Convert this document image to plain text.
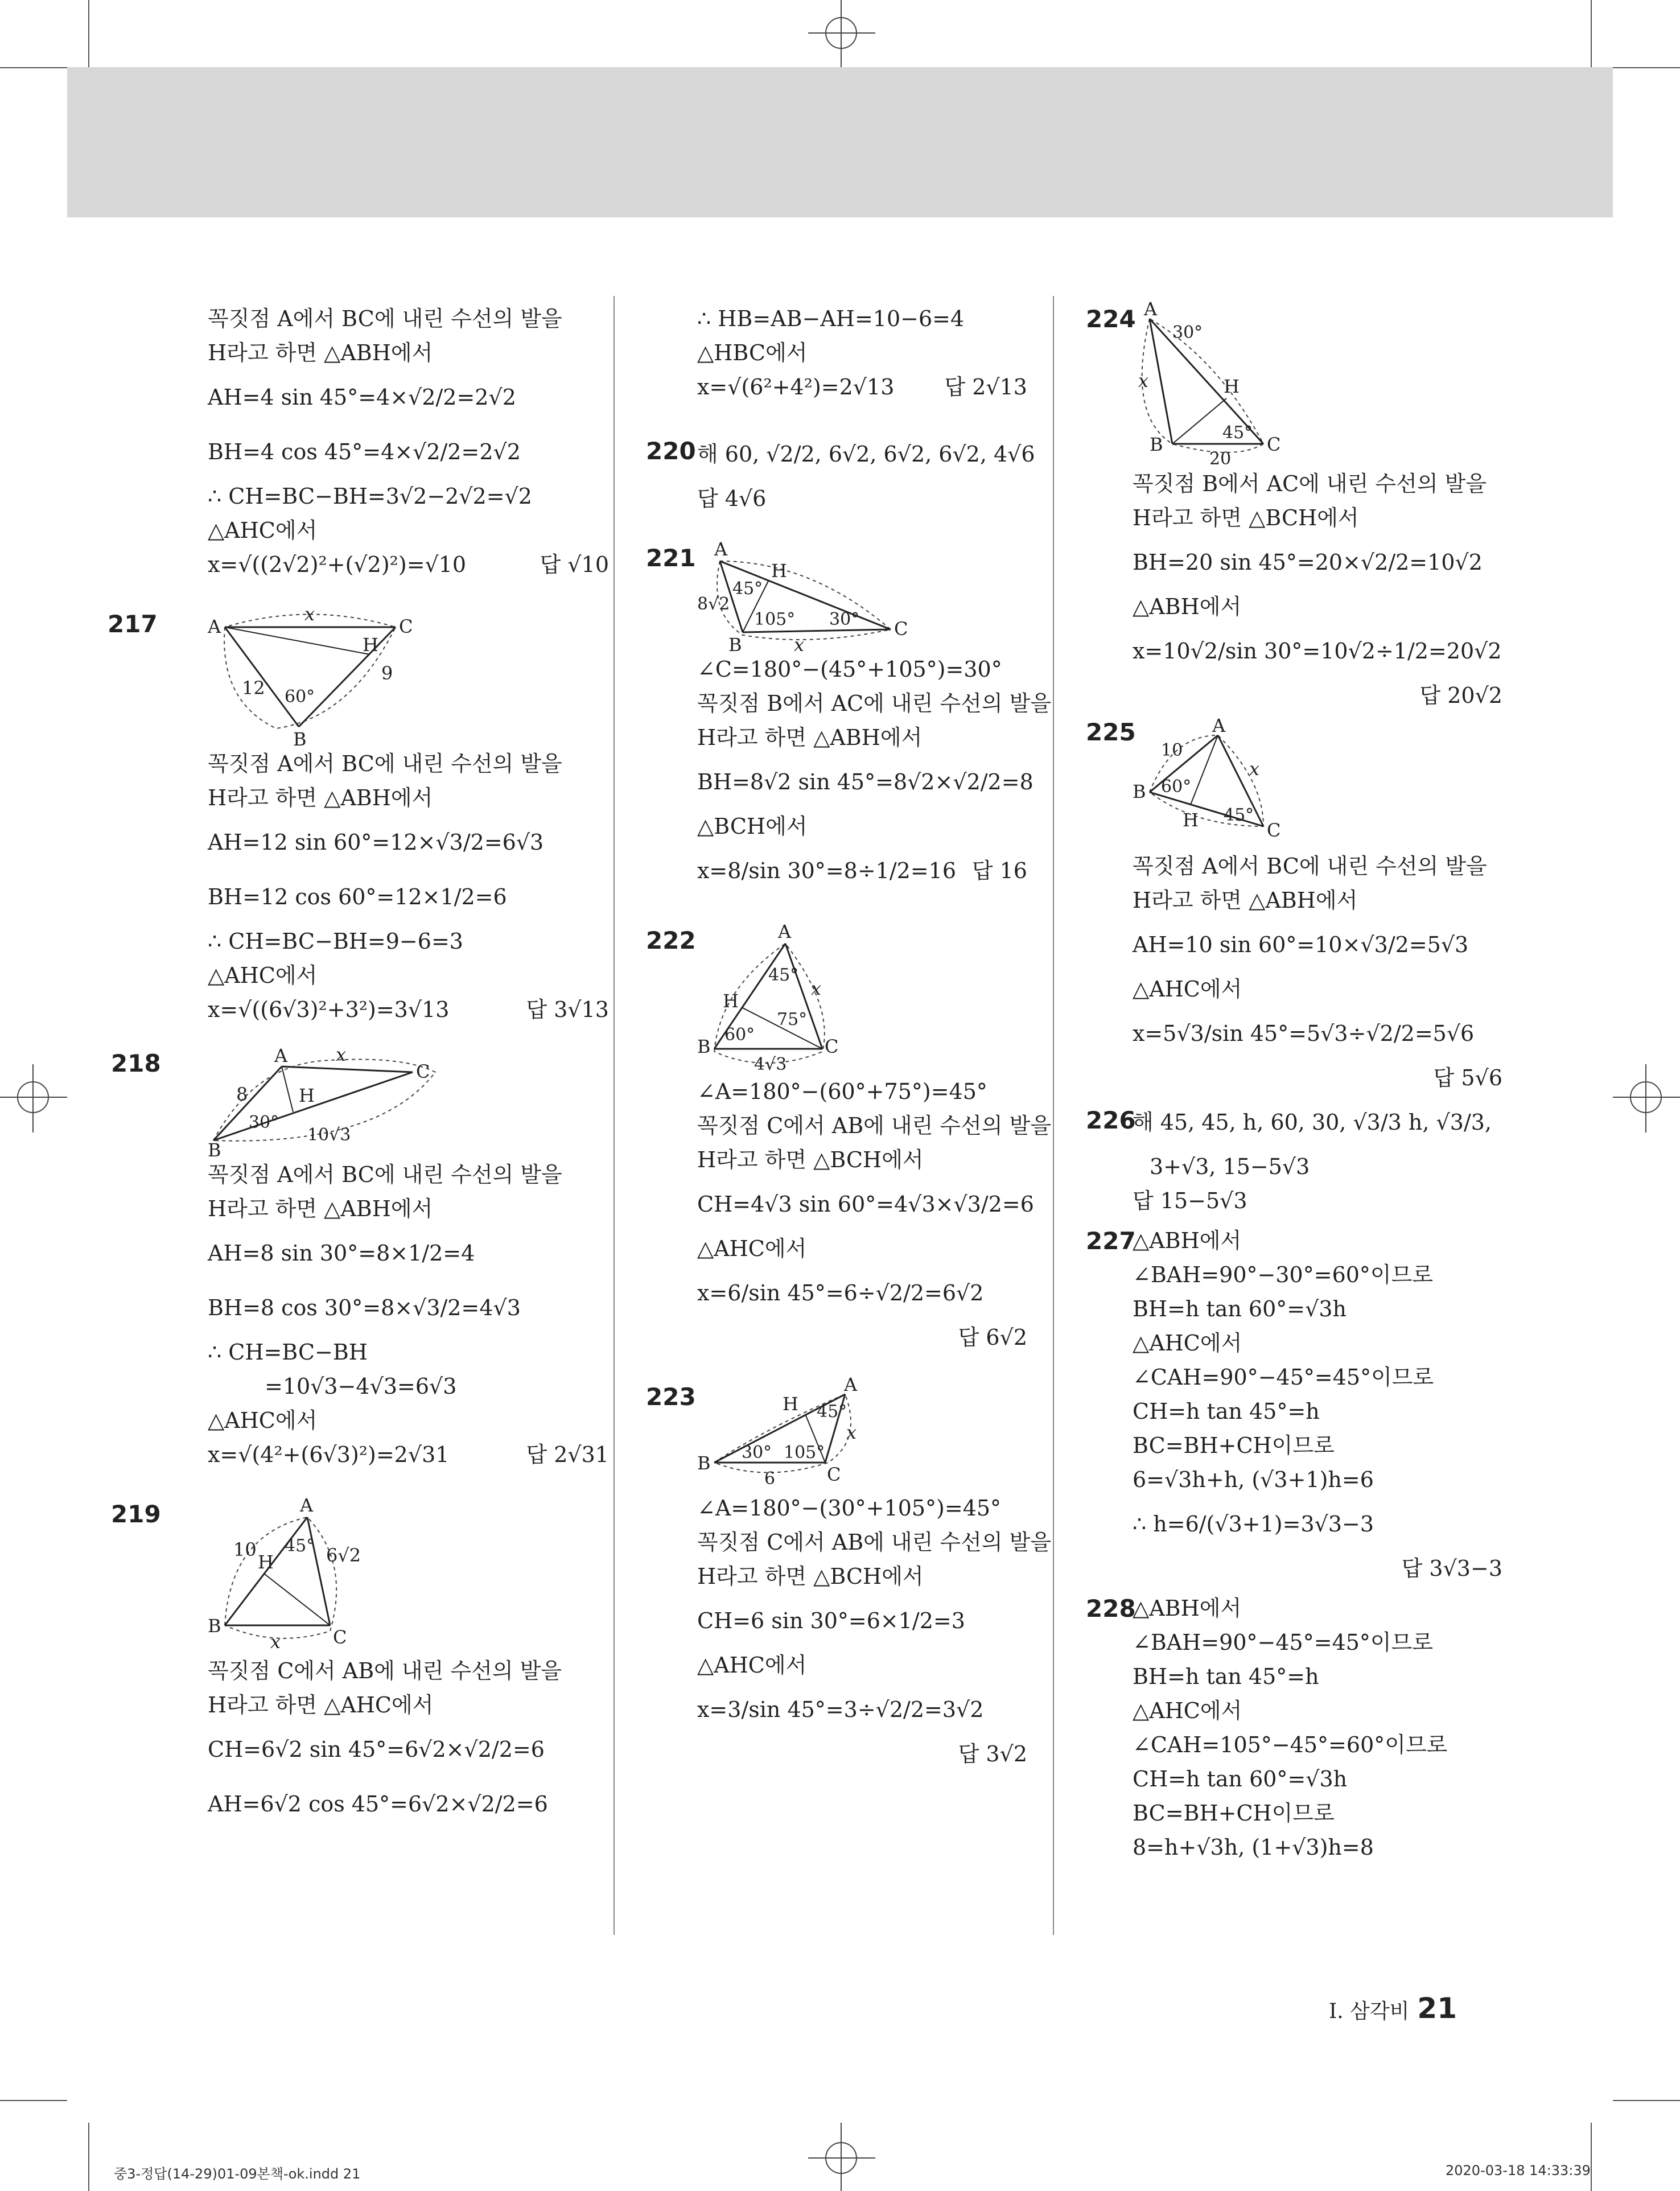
꼭짓점 A에서 BC에 내린 수선의 발을
H라고 하면 △ABH에서
AH=4 sin 45°=4×√2/2=2√2
BH=4 cos 45°=4×√2/2=2√2
∴ CH=BC−BH=3√2−2√2=√2
△AHC에서
x=√((2√2)²+(√2)²)=√10	답 √10
217	A	C
H
B
x
12
9
60°
꼭짓점 A에서 BC에 내린 수선의 발을
H라고 하면 △ABH에서
AH=12 sin 60°=12×√3/2=6√3
BH=12 cos 60°=12×1/2=6
∴ CH=BC−BH=9−6=3
△AHC에서
x=√((6√3)²+3²)=3√13	답 3√13
218	A
C
H
B
x
8
10√3
30°
꼭짓점 A에서 BC에 내린 수선의 발을
H라고 하면 △ABH에서
AH=8 sin 30°=8×1/2=4
BH=8 cos 30°=8×√3/2=4√3
∴ CH=BC−BH
=10√3−4√3=6√3
△AHC에서
x=√(4²+(6√3)²)=2√31	답 2√31
219	A
C
H
B
x
10	6√2
45°
꼭짓점 C에서 AB에 내린 수선의 발을
H라고 하면 △AHC에서
CH=6√2 sin 45°=6√2×√2/2=6
AH=6√2 cos 45°=6√2×√2/2=6
∴ HB=AB−AH=10−6=4
△HBC에서
x=√(6²+4²)=2√13 답 2√13
220 해 60, √2/2, 6√2, 6√2, 6√2, 4√6
답 4√6
221 A
C
H
B	x
8√2
45°
105° 30°
∠C=180°−(45°+105°)=30°
꼭짓점 B에서 AC에 내린 수선의 발을
H라고 하면 △ABH에서
BH=8√2 sin 45°=8√2×√2/2=8
△BCH에서
x=8/sin 30°=8÷1/2=16 답 16
222	A
C
H
B
x
4√3
45°
75°
60°
∠A=180°−(60°+75°)=45°
꼭짓점 C에서 AB에 내린 수선의 발을
H라고 하면 △BCH에서
CH=4√3 sin 60°=4√3×√3/2=6
△AHC에서
x=6/sin 45°=6÷√2/2=6√2
답 6√2
223	A
C
H
B
x
6
45°
30° 105°
∠A=180°−(30°+105°)=45°
꼭짓점 C에서 AB에 내린 수선의 발을
H라고 하면 △BCH에서
CH=6 sin 30°=6×1/2=3
△AHC에서
x=3/sin 45°=3÷√2/2=3√2
답 3√2
224 A
C
H
B
x
20
30°
45°
꼭짓점 B에서 AC에 내린 수선의 발을
H라고 하면 △BCH에서
BH=20 sin 45°=20×√2/2=10√2
△ABH에서
x=10√2/sin 30°=10√2÷1/2=20√2
답 20√2
225	A
C
H
B
x
10
60°
45°
꼭짓점 A에서 BC에 내린 수선의 발을
H라고 하면 △ABH에서
AH=10 sin 60°=10×√3/2=5√3
△AHC에서
x=5√3/sin 45°=5√3÷√2/2=5√6
답 5√6
226
해 45, 45, h, 60, 30, √3/3 h, √3/3,
3+√3, 15−5√3
답 15−5√3
227
△ABH에서
∠BAH=90°−30°=60°이므로
BH=h tan 60°=√3h
△AHC에서
∠CAH=90°−45°=45°이므로
CH=h tan 45°=h
BC=BH+CH이므로
6=√3h+h, (√3+1)h=6
∴ h=6/(√3+1)=3√3−3
답 3√3−3
228
△ABH에서
∠BAH=90°−45°=45°이므로
BH=h tan 45°=h
△AHC에서
∠CAH=105°−45°=60°이므로
CH=h tan 60°=√3h
BC=BH+CH이므로
8=h+√3h, (1+√3)h=8
Ⅰ. 삼각비 21
중3-정답(14-29)01-09본책-ok.indd 21	2020-03-18 14:33:39
